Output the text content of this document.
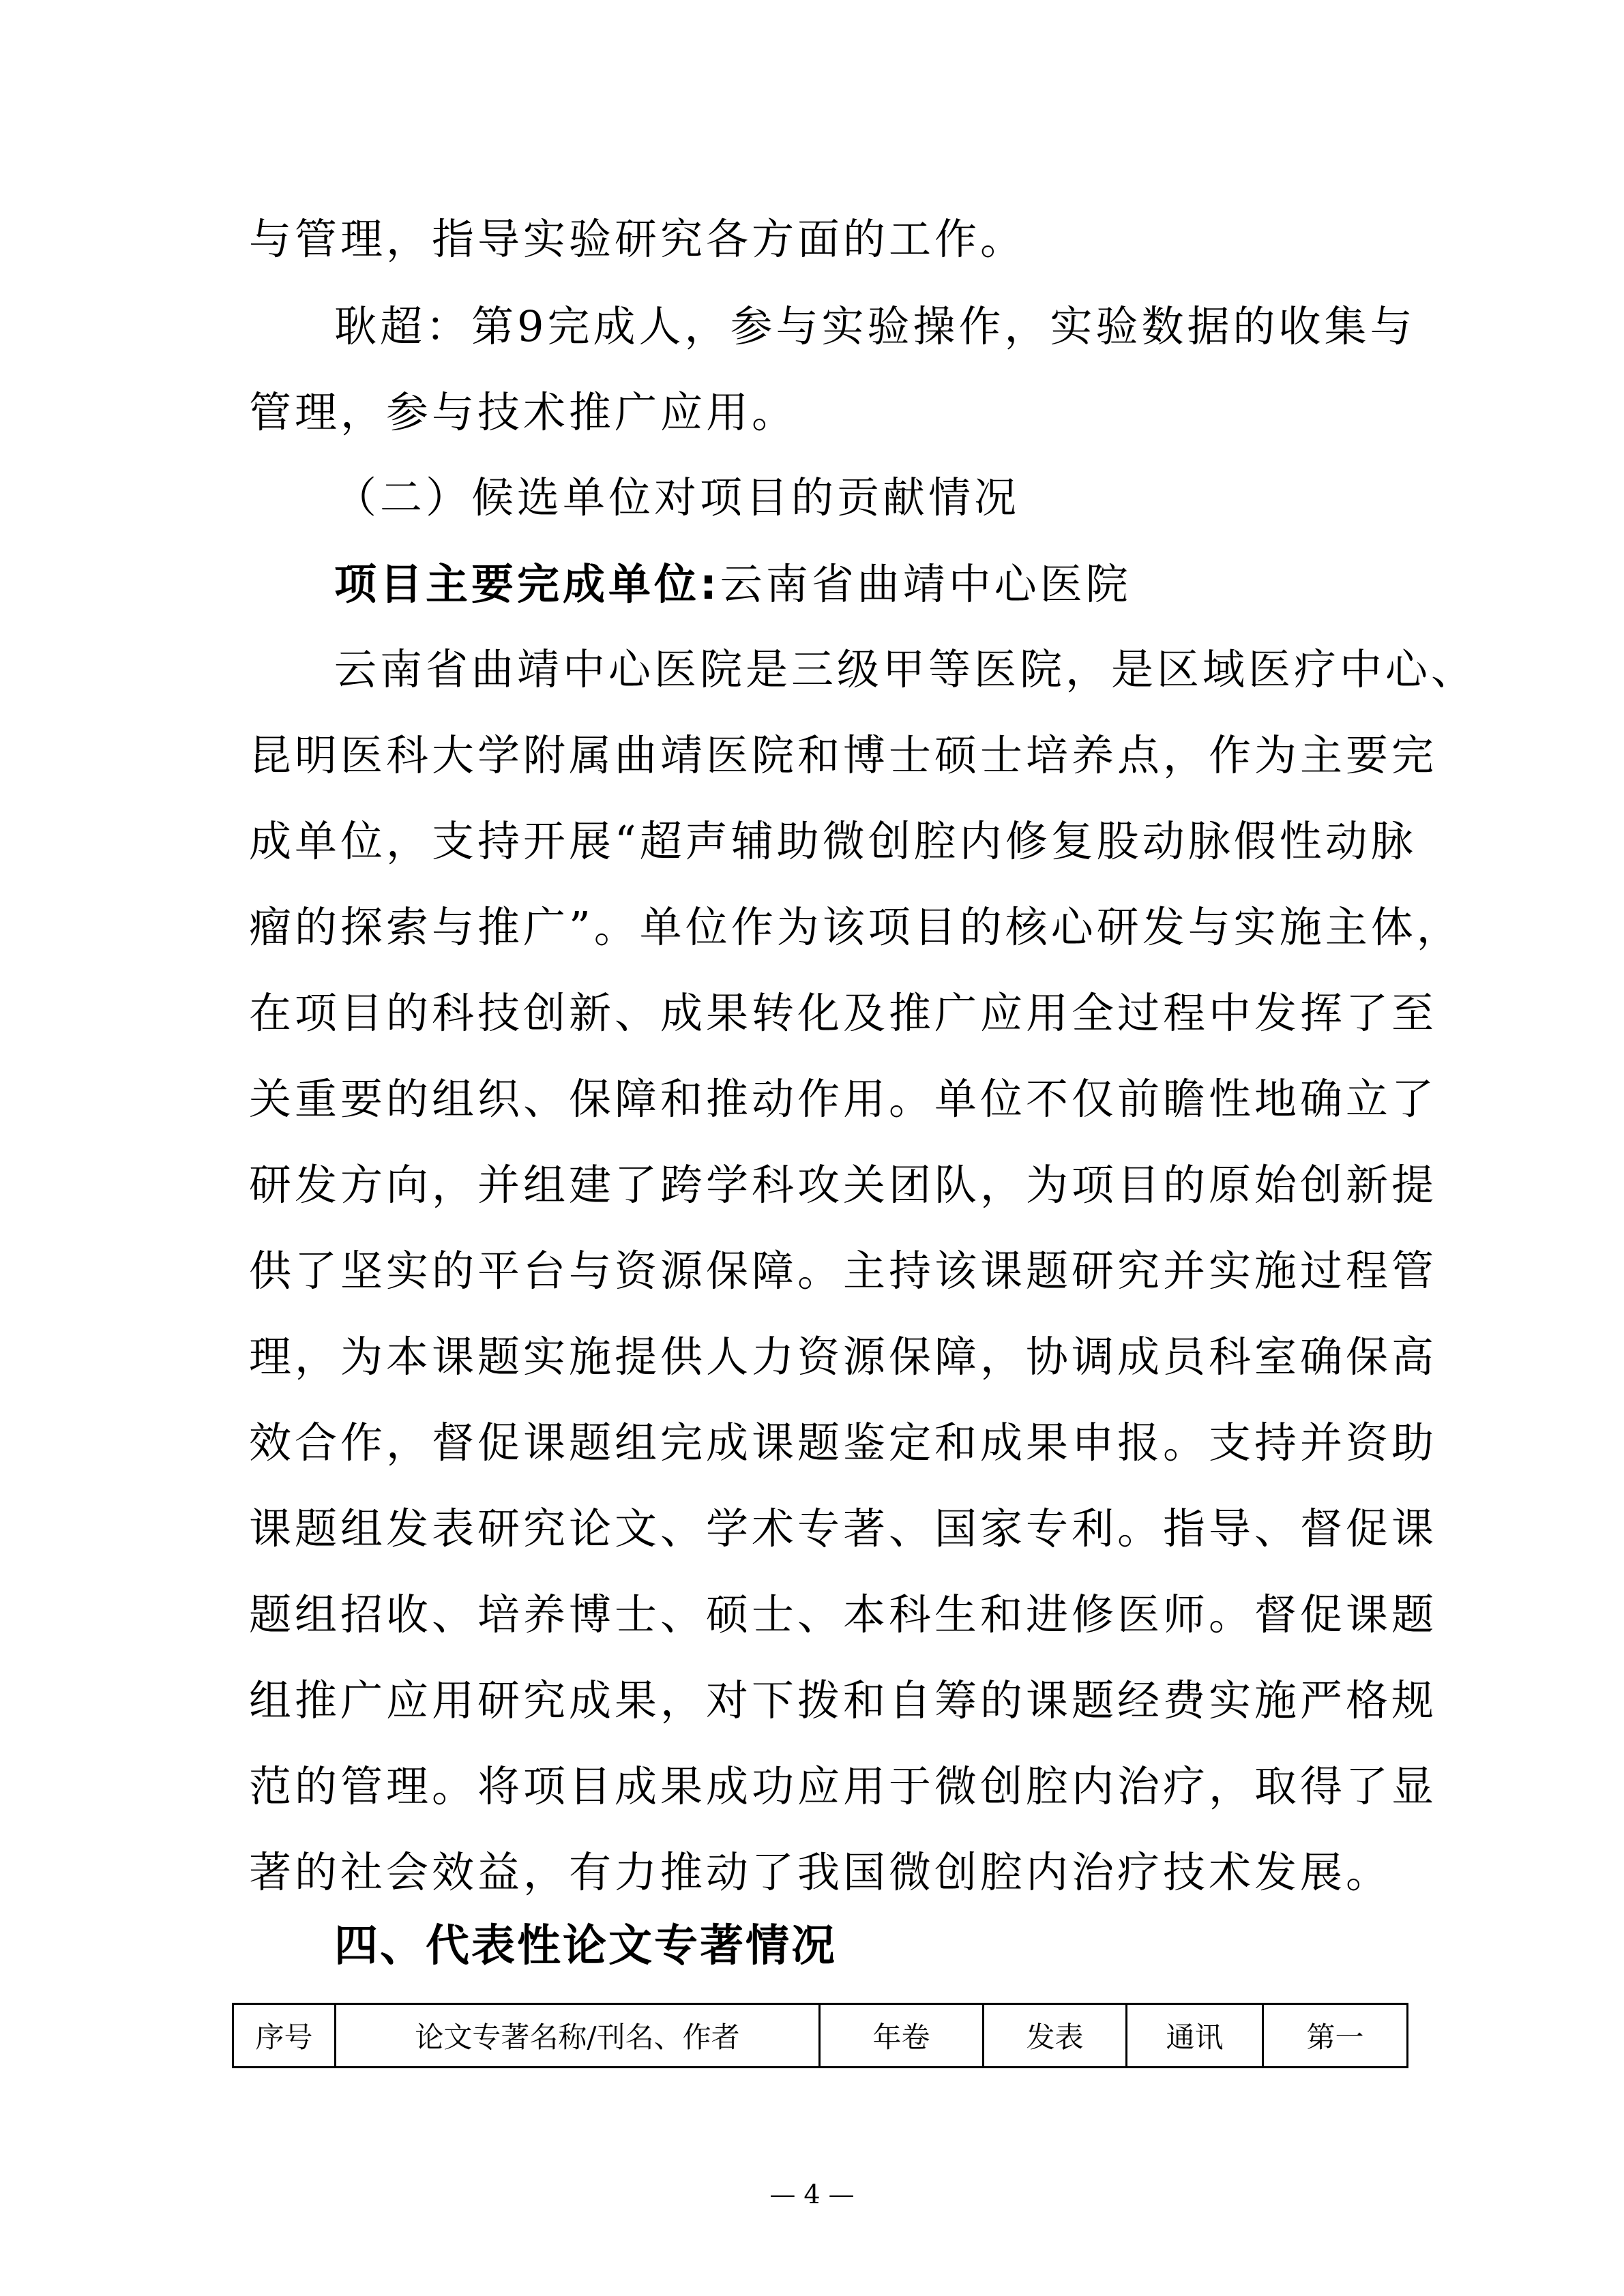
与管理，指导实验研究各方面的工作。
耿超：第9完成人，参与实验操作，实验数据的收集与
管理，参与技术推广应用。
（二）候选单位对项目的贡献情况
项目主要完成单位:云南省曲靖中心医院
云南省曲靖中心医院是三级甲等医院，是区域医疗中心、
昆明医科大学附属曲靖医院和博士硕士培养点，作为主要完
成单位，支持开展“超声辅助微创腔内修复股动脉假性动脉
瘤的探索与推广”。单位作为该项目的核心研发与实施主体，
在项目的科技创新、成果转化及推广应用全过程中发挥了至
关重要的组织、保障和推动作用。单位不仅前瞻性地确立了
研发方向，并组建了跨学科攻关团队，为项目的原始创新提
供了坚实的平台与资源保障。主持该课题研究并实施过程管
理，为本课题实施提供人力资源保障，协调成员科室确保高
效合作，督促课题组完成课题鉴定和成果申报。支持并资助
课题组发表研究论文、学术专著、国家专利。指导、督促课
题组招收、培养博士、硕士、本科生和进修医师。督促课题
组推广应用研究成果，对下拨和自筹的课题经费实施严格规
范的管理。将项目成果成功应用于微创腔内治疗，取得了显
著的社会效益，有力推动了我国微创腔内治疗技术发展。
四、代表性论文专著情况
序号	论文专著名称/刊名、作者	年卷	发表	通讯	第一
— 4 —
